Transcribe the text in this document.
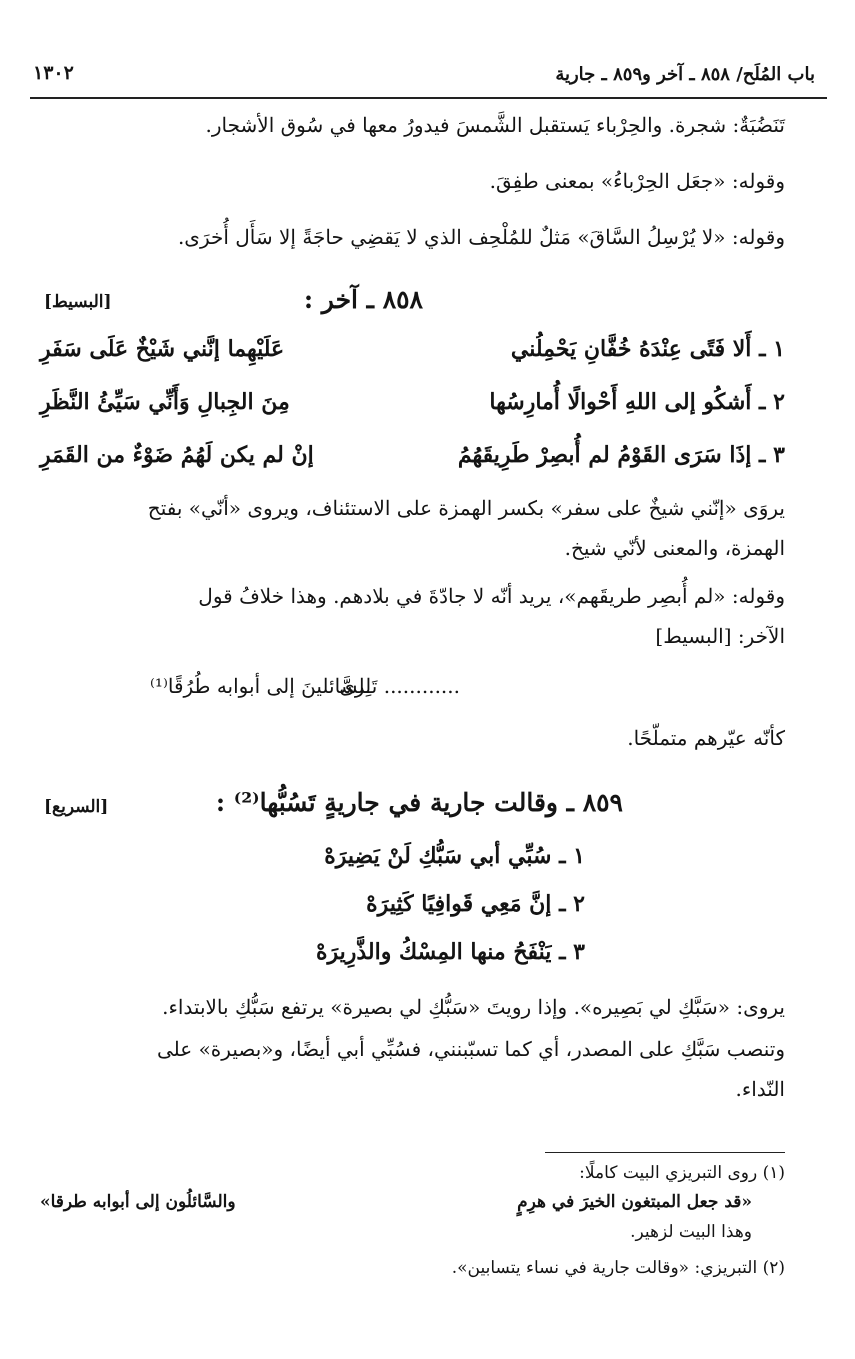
باب المُلَح/ ٨٥٨ ـ آخر و٨٥٩ ـ جارية
١٣٠٢
تَنَضُبَةٌ: شجرة. والحِرْباء يَستقبل الشَّمسَ فيدورُ معها في سُوق الأشجار.
وقوله: «جعَل الحِرْباءُ» بمعنى طفِقَ.
وقوله: «لا يُرْسِلُ السَّاقَ» مَثلٌ للمُلْحِف الذي لا يَقضِي حاجَةً إلا سَأَل أُخرَى.
٨٥٨ ـ آخر :
[البسيط]
١ ـ أَلا فَتًى عِنْدَهُ خُفَّانِ يَحْمِلُني
عَلَيْهِما إنَّني شَيْخٌ عَلَى سَفَرِ
٢ ـ أَشكُو إلى اللهِ أَحْوالًا أُمارِسُها
مِنَ الجِبالِ وَأَنِّي سَيِّئُ النَّظَرِ
٣ ـ إذَا سَرَى القَوْمُ لم أُبصِرْ طَرِيقَهُمُ
إنْ لم يكن لَهُمُ ضَوْءٌ من القَمَرِ
يروَى «إنّني شيخٌ على سفر» بكسر الهمزة على الاستئناف، ويروى «أنّي» بفتح
الهمزة، والمعنى لأنّي شيخ.
وقوله: «لم أُبصِر طريقَهم»، يريد أنّه لا جادّةَ في بلادهم. وهذا خلافُ قول
الآخر: [البسيط]
............ تَـرى
لِلسَّائلينَ إلى أبوابه طُرُقًا⁽¹⁾
كأنّه عيّرهم متملّحًا.
٨٥٩ ـ وقالت جارية في جاريةٍ تَسُبُّها⁽²⁾ :
[السريع]
١ ـ سُبِّي أبي سَبُّكِ لَنْ يَضِيرَهْ
٢ ـ إنَّ مَعِي قَوافِيًا كَثِيرَهْ
٣ ـ يَنْفَحُ منها المِسْكُ والذَّرِيرَهْ
يروى: «سَبَّكِ لي بَصِيره». وإذا رويتَ «سَبُّكِ لي بصيرة» يرتفع سَبُّكِ بالابتداء.
وتنصب سَبَّكِ على المصدر، أي كما تسبّبنني، فسُبِّي أبي أيضًا، و«بصيرة» على
النّداء.
(١) روى التبريزي البيت كاملًا:
«قد جعل المبتغون الخيرَ في هرِمٍ
والسَّائلُون إلى أبوابه طرقا»
وهذا البيت لزهير.
(٢) التبريزي: «وقالت جارية في نساء يتسابين».
